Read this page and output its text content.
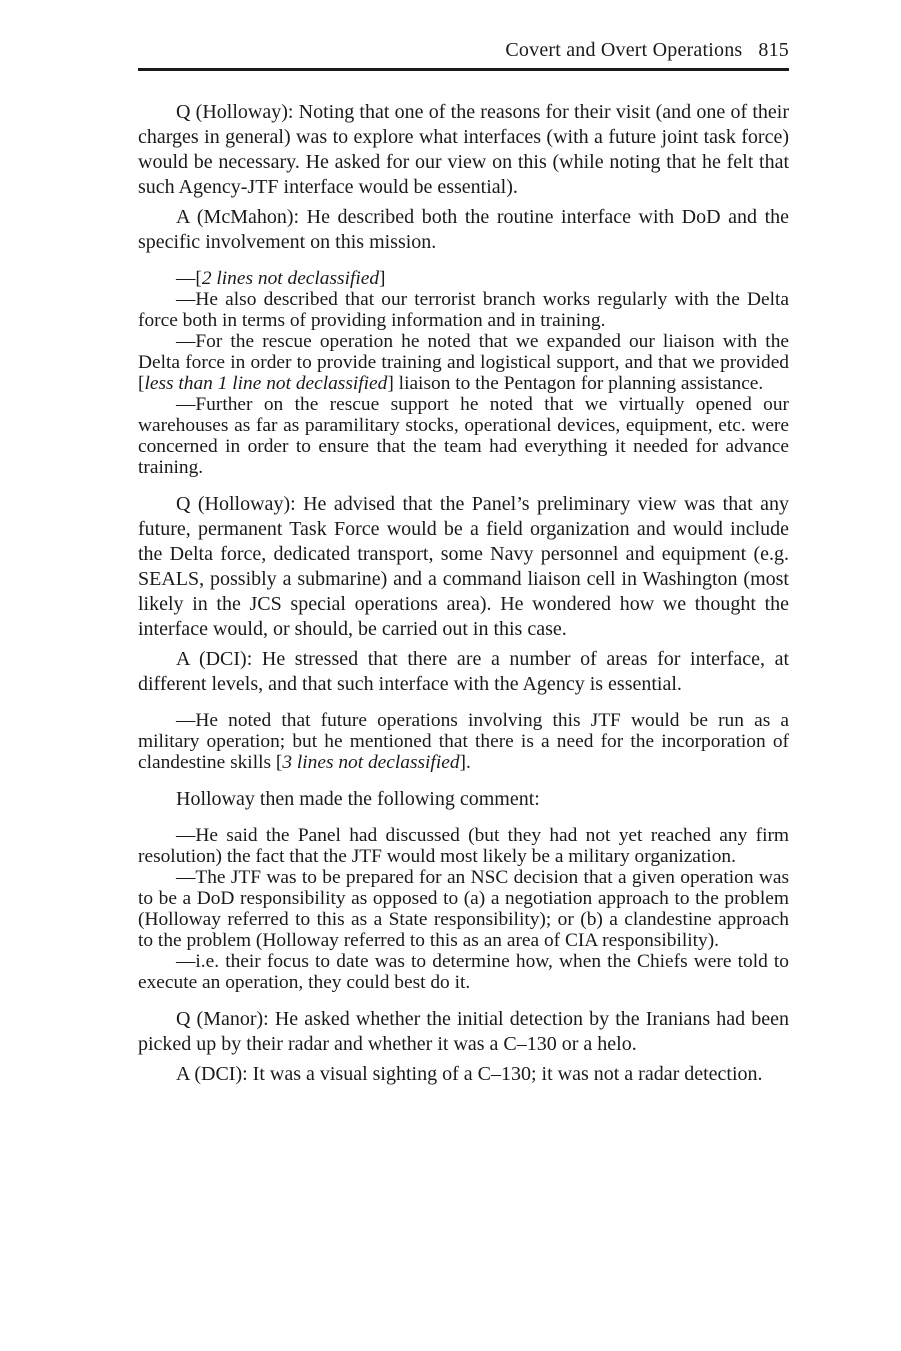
Covert and Overt Operations 815

Q (Holloway): Noting that one of the reasons for their visit (and one of their charges in general) was to explore what interfaces (with a future joint task force) would be necessary. He asked for our view on this (while noting that he felt that such Agency-JTF interface would be essential).

A (McMahon): He described both the routine interface with DoD and the specific involvement on this mission.

—[2 lines not declassified]

—He also described that our terrorist branch works regularly with the Delta force both in terms of providing information and in training.

—For the rescue operation he noted that we expanded our liaison with the Delta force in order to provide training and logistical support, and that we provided [less than 1 line not declassified] liaison to the Pentagon for planning assistance.

—Further on the rescue support he noted that we virtually opened our warehouses as far as paramilitary stocks, operational devices, equipment, etc. were concerned in order to ensure that the team had everything it needed for advance training.

Q (Holloway): He advised that the Panel’s preliminary view was that any future, permanent Task Force would be a field organization and would include the Delta force, dedicated transport, some Navy personnel and equipment (e.g. SEALS, possibly a submarine) and a command liaison cell in Washington (most likely in the JCS special operations area). He wondered how we thought the interface would, or should, be carried out in this case.

A (DCI): He stressed that there are a number of areas for interface, at different levels, and that such interface with the Agency is essential.

—He noted that future operations involving this JTF would be run as a military operation; but he mentioned that there is a need for the incorporation of clandestine skills [3 lines not declassified].

Holloway then made the following comment:

—He said the Panel had discussed (but they had not yet reached any firm resolution) the fact that the JTF would most likely be a military organization.

—The JTF was to be prepared for an NSC decision that a given operation was to be a DoD responsibility as opposed to (a) a negotiation approach to the problem (Holloway referred to this as a State responsibility); or (b) a clandestine approach to the problem (Holloway referred to this as an area of CIA responsibility).

—i.e. their focus to date was to determine how, when the Chiefs were told to execute an operation, they could best do it.

Q (Manor): He asked whether the initial detection by the Iranians had been picked up by their radar and whether it was a C–130 or a helo.

A (DCI): It was a visual sighting of a C–130; it was not a radar detection.
